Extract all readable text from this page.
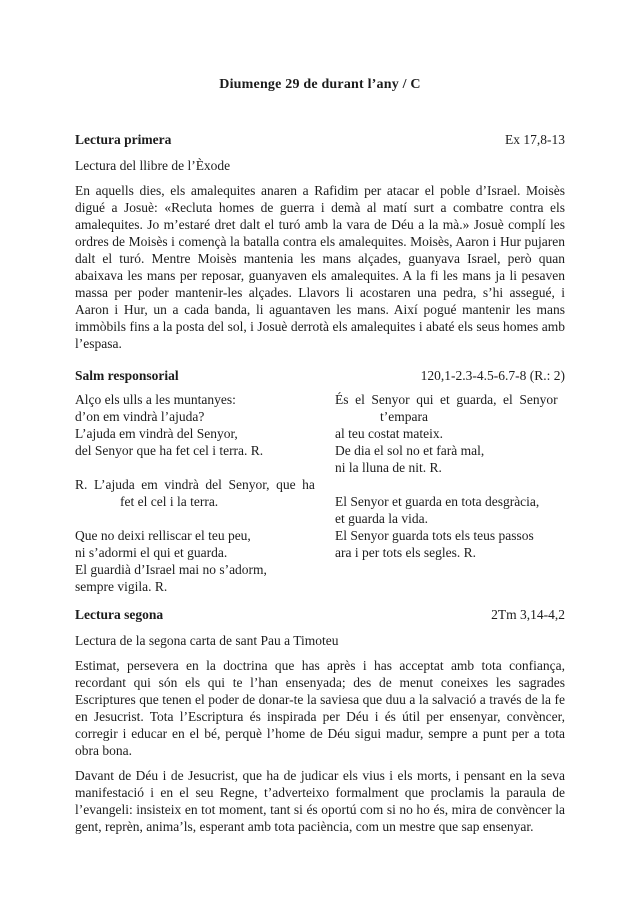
Diumenge 29 de durant l’any / C
Lectura primera	Ex 17,8-13
Lectura del llibre de l’Èxode

En aquells dies, els amalequites anaren a Rafidim per atacar el poble d’Israel. Moisès digué a Josuè: «Recluta homes de guerra i demà al matí surt a combatre contra els amalequites. Jo m’estaré dret dalt el turó amb la vara de Déu a la mà.» Josuè complí les ordres de Moisès i començà la batalla contra els amalequites. Moisès, Aaron i Hur pujaren dalt el turó. Mentre Moisès mantenia les mans alçades, guanyava Israel, però quan abaixava les mans per reposar, guanyaven els amalequites. A la fi les mans ja li pesaven massa per poder mantenir-les alçades. Llavors li acostaren una pedra, s’hi assegué, i Aaron i Hur, un a cada banda, li aguantaven les mans. Així pogué mantenir les mans immòbils fins a la posta del sol, i Josuè derrotà els amalequites i abaté els seus homes amb l’espasa.

Salm responsorial	120,1-2.3-4.5-6.7-8 (R.: 2)
Alço els ulls a les muntanyes:
d’on em vindrà l’ajuda?
L’ajuda em vindrà del Senyor,
del Senyor que ha fet cel i terra. R.

R. L’ajuda em vindrà del Senyor, que ha
fet el cel i la terra.

Que no deixi relliscar el teu peu,
ni s’adormi el qui et guarda.
El guardià d’Israel mai no s’adorm,
sempre vigila. R.
És el Senyor qui et guarda, el Senyor
t’empara
al teu costat mateix.
De dia el sol no et farà mal,
ni la lluna de nit. R.

El Senyor et guarda en tota desgràcia,
et guarda la vida.
El Senyor guarda tots els teus passos
ara i per tots els segles. R.
Lectura segona	2Tm 3,14-4,2
Lectura de la segona carta de sant Pau a Timoteu

Estimat, persevera en la doctrina que has après i has acceptat amb tota confiança, recordant qui són els qui te l’han ensenyada; des de menut coneixes les sagrades Escriptures que tenen el poder de donar-te la saviesa que duu a la salvació a través de la fe en Jesucrist. Tota l’Escriptura és inspirada per Déu i és útil per ensenyar, convèncer, corregir i educar en el bé, perquè l’home de Déu sigui madur, sempre a punt per a tota obra bona.

Davant de Déu i de Jesucrist, que ha de judicar els vius i els morts, i pensant en la seva manifestació i en el seu Regne, t’adverteixo formalment que proclamis la paraula de l’evangeli: insisteix en tot moment, tant si és oportú com si no ho és, mira de convèncer la gent, reprèn, anima’ls, esperant amb tota paciència, com un mestre que sap ensenyar.
